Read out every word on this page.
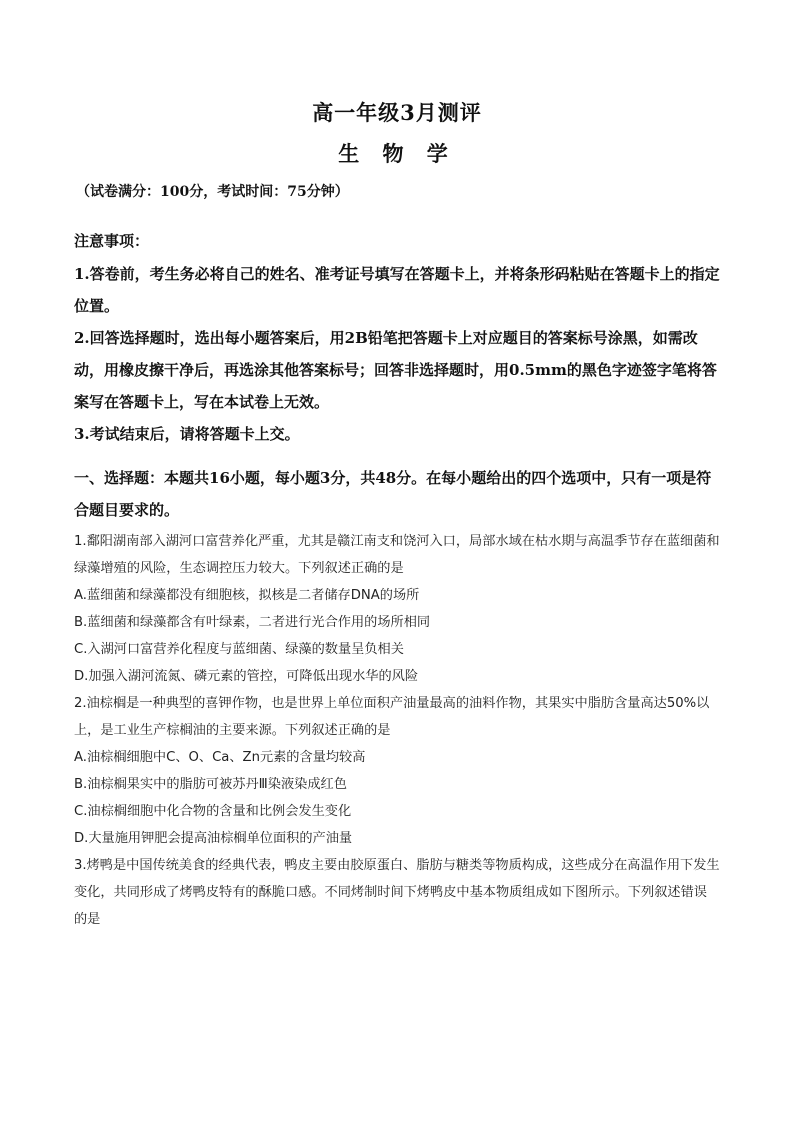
高一年级3月测评
生 物 学
（试卷满分：100分，考试时间：75分钟）
注意事项：
1.答卷前，考生务必将自己的姓名、准考证号填写在答题卡上，并将条形码粘贴在答题卡上的指定位置。
2.回答选择题时，选出每小题答案后，用2B铅笔把答题卡上对应题目的答案标号涂黑，如需改动，用橡皮擦干净后，再选涂其他答案标号；回答非选择题时，用0.5mm的黑色字迹签字笔将答案写在答题卡上，写在本试卷上无效。
3.考试结束后，请将答题卡上交。
一、选择题：本题共16小题，每小题3分，共48分。在每小题给出的四个选项中，只有一项是符合题目要求的。
1.鄱阳湖南部入湖河口富营养化严重，尤其是赣江南支和饶河入口，局部水域在枯水期与高温季节存在蓝细菌和绿藻增殖的风险，生态调控压力较大。下列叙述正确的是
A.蓝细菌和绿藻都没有细胞核，拟核是二者储存DNA的场所
B.蓝细菌和绿藻都含有叶绿素，二者进行光合作用的场所相同
C.入湖河口富营养化程度与蓝细菌、绿藻的数量呈负相关
D.加强入湖河流氮、磷元素的管控，可降低出现水华的风险
2.油棕榈是一种典型的喜钾作物，也是世界上单位面积产油量最高的油料作物，其果实中脂肪含量高达50%以上，是工业生产棕榈油的主要来源。下列叙述正确的是
A.油棕榈细胞中C、O、Ca、Zn元素的含量均较高
B.油棕榈果实中的脂肪可被苏丹Ⅲ染液染成红色
C.油棕榈细胞中化合物的含量和比例会发生变化
D.大量施用钾肥会提高油棕榈单位面积的产油量
3.烤鸭是中国传统美食的经典代表，鸭皮主要由胶原蛋白、脂肪与糖类等物质构成，这些成分在高温作用下发生变化，共同形成了烤鸭皮特有的酥脆口感。不同烤制时间下烤鸭皮中基本物质组成如下图所示。下列叙述错误的是
